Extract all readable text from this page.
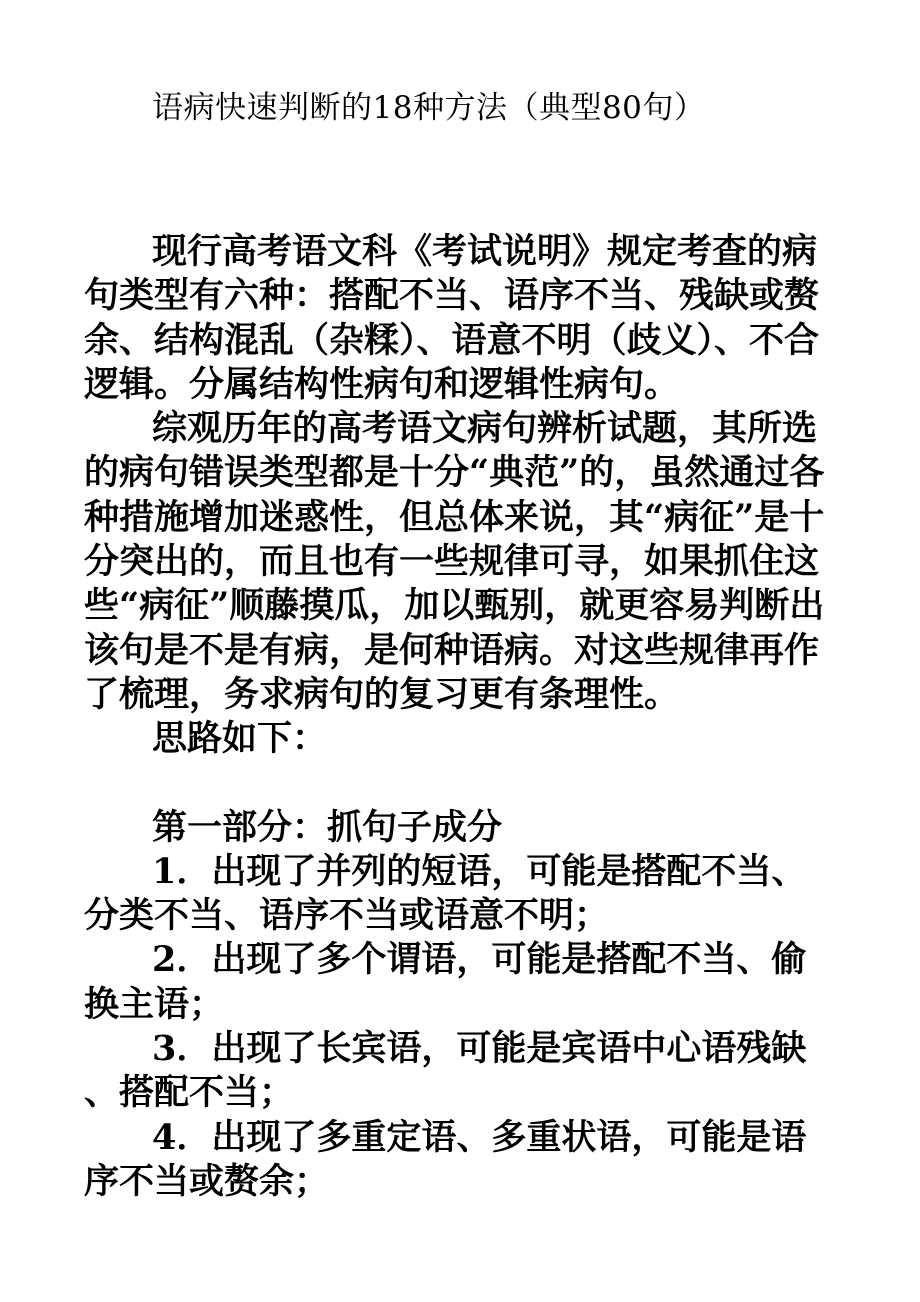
语病快速判断的18种方法（典型80句）

现行高考语文科《考试说明》规定考查的病句类型有六种：搭配不当、语序不当、残缺或赘余、结构混乱（杂糅）、语意不明（歧义）、不合逻辑。分属结构性病句和逻辑性病句。

综观历年的高考语文病句辨析试题，其所选的病句错误类型都是十分“典范”的，虽然通过各种措施增加迷惑性，但总体来说，其“病征”是十分突出的，而且也有一些规律可寻，如果抓住这些“病征”顺藤摸瓜，加以甄别，就更容易判断出该句是不是有病，是何种语病。对这些规律再作了梳理，务求病句的复习更有条理性。

思路如下：

第一部分：抓句子成分

1．出现了并列的短语，可能是搭配不当、分类不当、语序不当或语意不明；

2．出现了多个谓语，可能是搭配不当、偷换主语；

3．出现了长宾语，可能是宾语中心语残缺、搭配不当；

4．出现了多重定语、多重状语，可能是语序不当或赘余；
